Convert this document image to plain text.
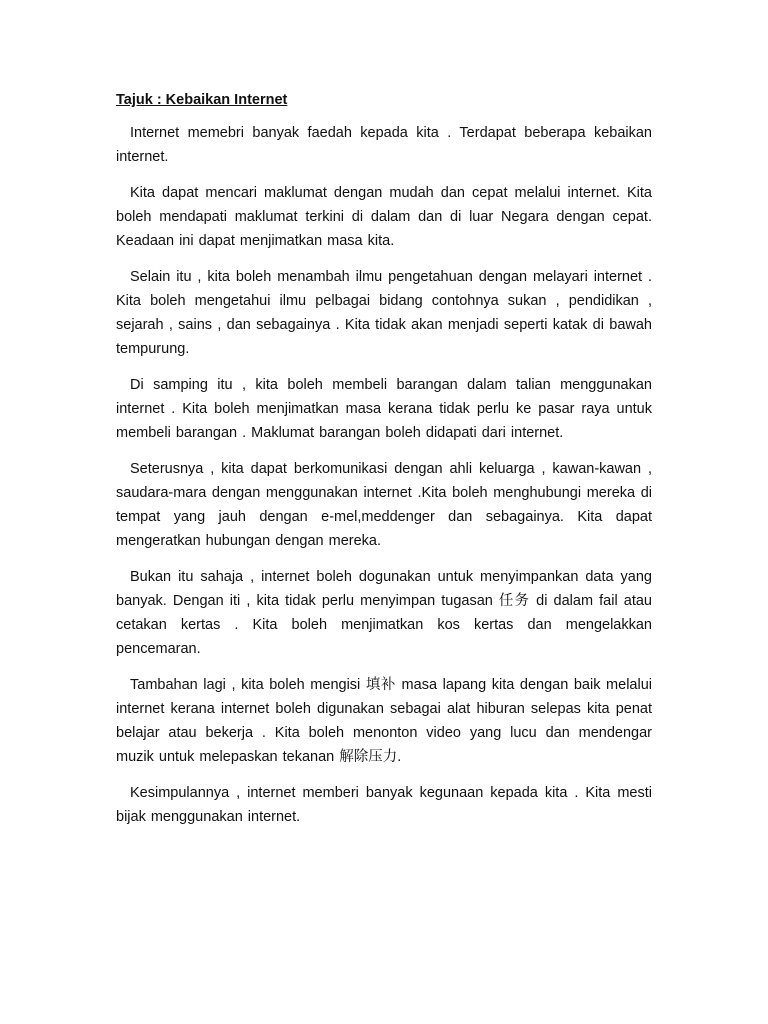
Tajuk : Kebaikan Internet

Internet memebri banyak faedah kepada kita . Terdapat beberapa kebaikan internet.

Kita dapat mencari maklumat dengan mudah dan cepat melalui internet. Kita boleh mendapati maklumat terkini di dalam dan di luar Negara dengan cepat. Keadaan ini dapat menjimatkan masa kita.

Selain itu , kita boleh menambah ilmu pengetahuan dengan melayari internet . Kita boleh mengetahui ilmu pelbagai bidang contohnya sukan , pendidikan , sejarah , sains , dan sebagainya . Kita tidak akan menjadi seperti katak di bawah tempurung.

Di samping itu , kita boleh membeli barangan dalam talian menggunakan internet . Kita boleh menjimatkan masa kerana tidak perlu ke pasar raya untuk membeli barangan . Maklumat barangan boleh didapati dari internet.

Seterusnya , kita dapat berkomunikasi dengan ahli keluarga , kawan-kawan , saudara-mara dengan menggunakan internet .Kita boleh menghubungi mereka di tempat yang jauh dengan e-mel,meddenger dan sebagainya. Kita dapat mengeratkan hubungan dengan mereka.

Bukan itu sahaja , internet boleh dogunakan untuk menyimpankan data yang banyak. Dengan iti , kita tidak perlu menyimpan tugasan 任务 di dalam fail atau cetakan kertas . Kita boleh menjimatkan kos kertas dan mengelakkan pencemaran.

Tambahan lagi , kita boleh mengisi 填补 masa lapang kita dengan baik melalui internet kerana internet boleh digunakan sebagai alat hiburan selepas kita penat belajar atau bekerja . Kita boleh menonton video yang lucu dan mendengar muzik untuk melepaskan tekanan 解除压力.

Kesimpulannya , internet memberi banyak kegunaan kepada kita . Kita mesti bijak menggunakan internet.
